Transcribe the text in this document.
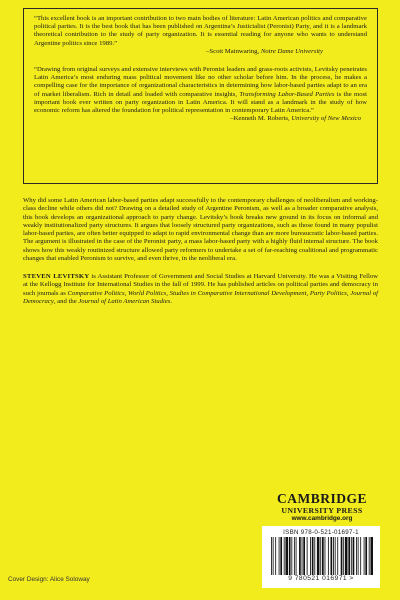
“This excellent book is an important contribution to two main bodies of literature: Latin American politics and comparative political parties. It is the best book that has been published on Argentina’s Justicialist (Peronist) Party, and it is a landmark theoretical contribution to the study of party organization. It is essential reading for anyone who wants to understand Argentine politics since 1989.”

–Scott Mainwaring, Notre Dame University

“Drawing from original surveys and extensive interviews with Peronist leaders and grass-roots activists, Levitsky penetrates Latin America’s most enduring mass political movement like no other scholar before him. In the process, he makes a compelling case for the importance of organizational characteristics in determining how labor-based parties adapt to an era of market liberalism. Rich in detail and loaded with comparative insights, Transforming Labor-Based Parties is the most important book ever written on party organization in Latin America. It will stand as a landmark in the study of how economic reform has altered the foundation for political representation in contemporary Latin America.”

–Kenneth M. Roberts, University of New Mexico

Why did some Latin American labor-based parties adapt successfully to the contemporary challenges of neoliberalism and working-class decline while others did not? Drawing on a detailed study of Argentine Peronism, as well as a broader comparative analysis, this book develops an organizational approach to party change. Levitsky’s book breaks new ground in its focus on informal and weakly institutionalized party structures. It argues that loosely structured party organizations, such as those found in many populist labor-based parties, are often better equipped to adapt to rapid environmental change than are more bureaucratic labor-based parties. The argument is illustrated in the case of the Peronist party, a mass labor-based party with a highly fluid internal structure. The book shows how this weakly routinized structure allowed party reformers to undertake a set of far-reaching coalitional and programmatic changes that enabled Peronism to survive, and even thrive, in the neoliberal era.

STEVEN LEVITSKY is Assistant Professor of Government and Social Studies at Harvard University. He was a Visiting Fellow at the Kellogg Institute for International Studies in the fall of 1999. He has published articles on political parties and democracy in such journals as Comparative Politics, World Politics, Studies in Comparative International Development, Party Politics, Journal of Democracy, and the Journal of Latin American Studies.

CAMBRIDGE
UNIVERSITY PRESS
www.cambridge.org
ISBN 978-0-521-01697-1
9 780521 016971 >
Cover Design: Alice Soloway
